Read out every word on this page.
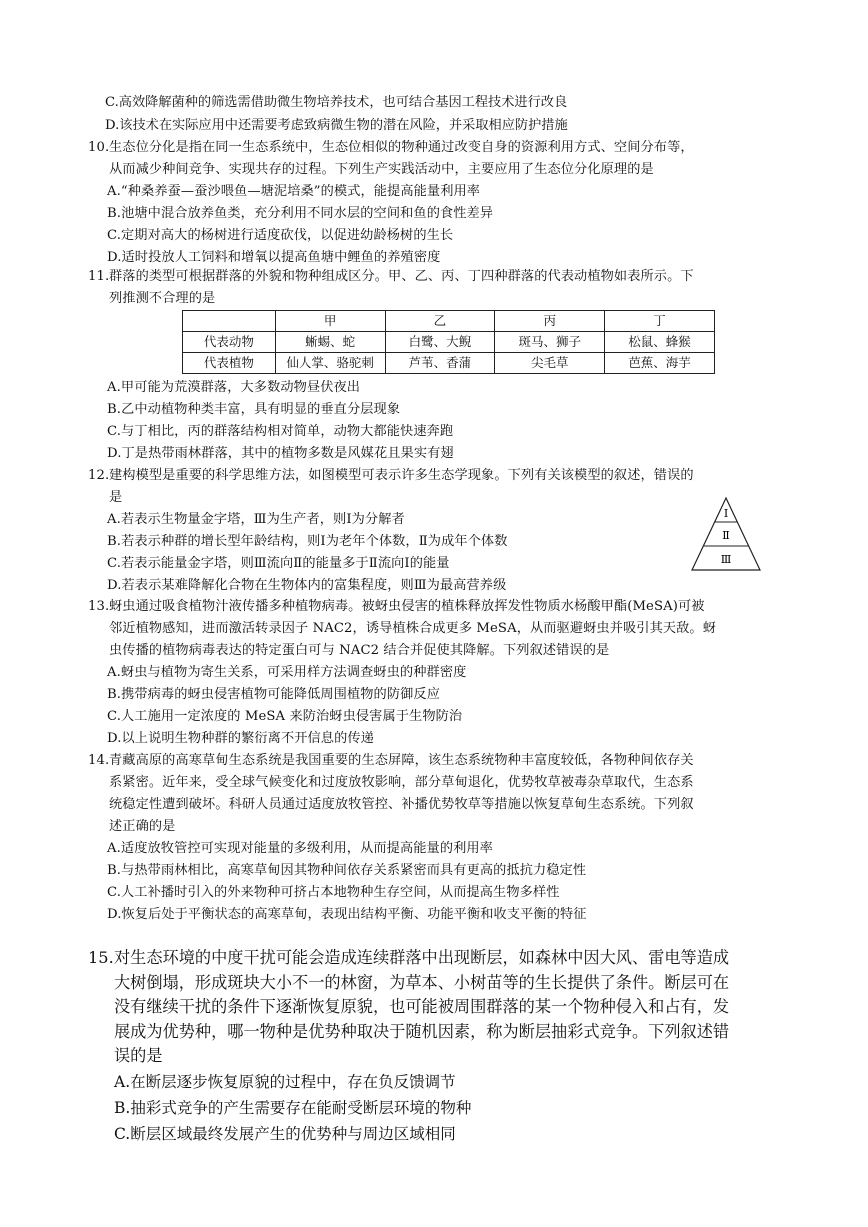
C.高效降解菌种的筛选需借助微生物培养技术，也可结合基因工程技术进行改良
D.该技术在实际应用中还需要考虑致病微生物的潜在风险，并采取相应防护措施
10. 生态位分化是指在同一生态系统中，生态位相似的物种通过改变自身的资源利用方式、空间分布等，
从而减少种间竞争、实现共存的过程。下列生产实践活动中，主要应用了生态位分化原理的是
A.“种桑养蚕—蚕沙喂鱼—塘泥培桑”的模式，能提高能量利用率
B.池塘中混合放养鱼类，充分利用不同水层的空间和鱼的食性差异
C.定期对高大的杨树进行适度砍伐，以促进幼龄杨树的生长
D.适时投放人工饲料和增氧以提高鱼塘中鲤鱼的养殖密度
11. 群落的类型可根据群落的外貌和物种组成区分。甲、乙、丙、丁四种群落的代表动植物如表所示。下
列推测不合理的是
	甲	乙	丙	丁
代表动物	蜥蜴、蛇	白鹭、大鲵	斑马、狮子	松鼠、蜂猴
代表植物	仙人掌、骆驼刺	芦苇、香蒲	尖毛草	芭蕉、海芋
A.甲可能为荒漠群落，大多数动物昼伏夜出
B.乙中动植物种类丰富，具有明显的垂直分层现象
C.与丁相比，丙的群落结构相对简单，动物大都能快速奔跑
D.丁是热带雨林群落，其中的植物多数是风媒花且果实有翅
12. 建构模型是重要的科学思维方法，如图模型可表示许多生态学现象。下列有关该模型的叙述，错误的
是
A.若表示生物量金字塔，Ⅲ为生产者，则Ⅰ为分解者
B.若表示种群的增长型年龄结构，则Ⅰ为老年个体数，Ⅱ为成年个体数
C.若表示能量金字塔，则Ⅲ流向Ⅱ的能量多于Ⅱ流向Ⅰ的能量
D.若表示某难降解化合物在生物体内的富集程度，则Ⅲ为最高营养级
Ⅰ
Ⅱ
Ⅲ
13. 蚜虫通过吸食植物汁液传播多种植物病毒。被蚜虫侵害的植株释放挥发性物质水杨酸甲酯(MeSA)可被
邻近植物感知，进而激活转录因子 NAC2，诱导植株合成更多 MeSA，从而驱避蚜虫并吸引其天敌。蚜
虫传播的植物病毒表达的特定蛋白可与 NAC2 结合并促使其降解。下列叙述错误的是
A.蚜虫与植物为寄生关系，可采用样方法调查蚜虫的种群密度
B.携带病毒的蚜虫侵害植物可能降低周围植物的防御反应
C.人工施用一定浓度的 MeSA 来防治蚜虫侵害属于生物防治
D.以上说明生物种群的繁衍离不开信息的传递
14. 青藏高原的高寒草甸生态系统是我国重要的生态屏障，该生态系统物种丰富度较低，各物种间依存关
系紧密。近年来，受全球气候变化和过度放牧影响，部分草甸退化，优势牧草被毒杂草取代，生态系
统稳定性遭到破坏。科研人员通过适度放牧管控、补播优势牧草等措施以恢复草甸生态系统。下列叙
述正确的是
A.适度放牧管控可实现对能量的多级利用，从而提高能量的利用率
B.与热带雨林相比，高寒草甸因其物种间依存关系紧密而具有更高的抵抗力稳定性
C.人工补播时引入的外来物种可挤占本地物种生存空间，从而提高生物多样性
D.恢复后处于平衡状态的高寒草甸，表现出结构平衡、功能平衡和收支平衡的特征
15. 对生态环境的中度干扰可能会造成连续群落中出现断层，如森林中因大风、雷电等造成
大树倒塌，形成斑块大小不一的林窗，为草本、小树苗等的生长提供了条件。断层可在
没有继续干扰的条件下逐渐恢复原貌，也可能被周围群落的某一个物种侵入和占有，发
展成为优势种，哪一物种是优势种取决于随机因素，称为断层抽彩式竞争。下列叙述错
误的是
A.在断层逐步恢复原貌的过程中，存在负反馈调节
B.抽彩式竞争的产生需要存在能耐受断层环境的物种
C.断层区域最终发展产生的优势种与周边区域相同
